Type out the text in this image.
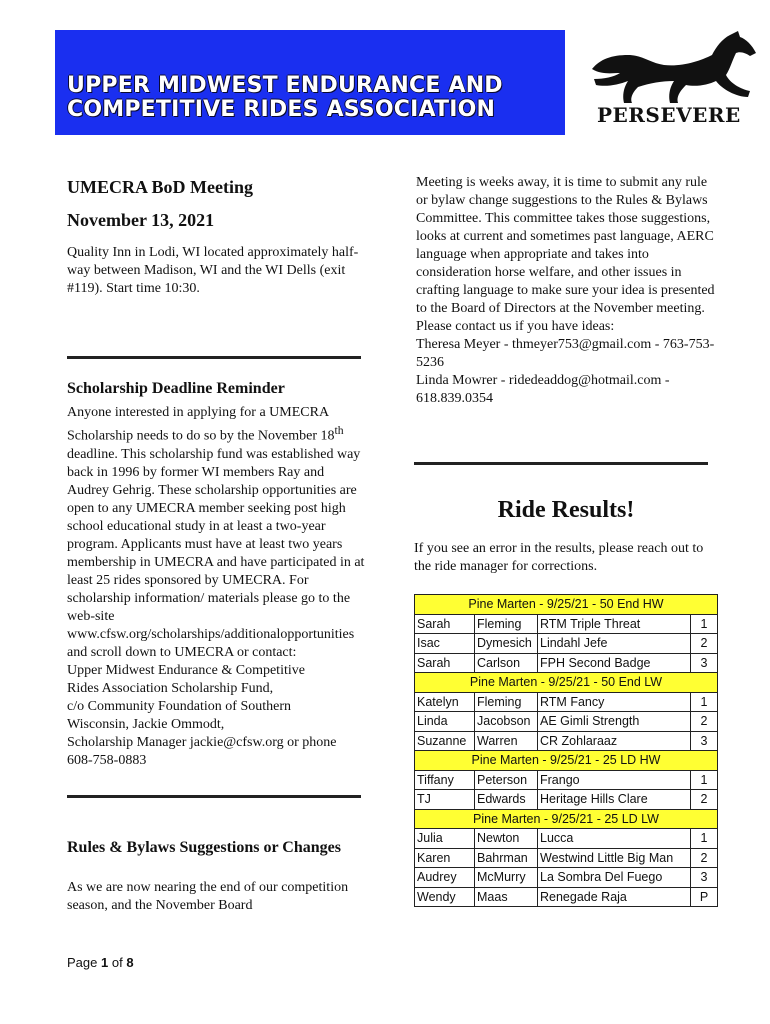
UPPER MIDWEST ENDURANCE AND
COMPETITIVE RIDES ASSOCIATION	PERSEVERE
UMECRA BoD Meeting
November 13, 2021

Quality Inn in Lodi, WI located approximately half-way between Madison, WI and the WI Dells (exit #119). Start time 10:30.

Scholarship Deadline Reminder

Anyone interested in applying for a UMECRA Scholarship needs to do so by the November 18th deadline. This scholarship fund was established way back in 1996 by former WI members Ray and Audrey Gehrig. These scholarship opportunities are open to any UMECRA member seeking post high school educational study in at least a two-year program. Applicants must have at least two years membership in UMECRA and have participated in at least 25 rides sponsored by UMECRA. For scholarship information/ materials please go to the web-site www.cfsw.org/scholarships/additionalopportunities and scroll down to UMECRA or contact:

Upper Midwest Endurance & Competitive
Rides Association Scholarship Fund,
c/o Community Foundation of Southern
Wisconsin, Jackie Ommodt,
Scholarship Manager jackie@cfsw.org or phone
608-758-0883

Rules & Bylaws Suggestions or Changes

As we are now nearing the end of our competition season, and the November Board

Meeting is weeks away, it is time to submit any rule or bylaw change suggestions to the Rules & Bylaws Committee. This committee takes those suggestions, looks at current and sometimes past language, AERC language when appropriate and takes into consideration horse welfare, and other issues in crafting language to make sure your idea is presented to the Board of Directors at the November meeting.

Please contact us if you have ideas:

Theresa Meyer - thmeyer753@gmail.com - 763-753-5236

Linda Mowrer - ridedeaddog@hotmail.com - 618.839.0354

Ride Results!

If you see an error in the results, please reach out to the ride manager for corrections.

Pine Marten - 9/25/21 - 50 End HW			
Sarah	Fleming	RTM Triple Threat	1
Isac	Dymesich	Lindahl Jefe	2
Sarah	Carlson	FPH Second Badge	3
Pine Marten - 9/25/21 - 50 End LW			
Katelyn	Fleming	RTM Fancy	1
Linda	Jacobson	AE Gimli Strength	2
Suzanne	Warren	CR Zohlaraaz	3
Pine Marten - 9/25/21 - 25 LD HW			
Tiffany	Peterson	Frango	1
TJ	Edwards	Heritage Hills Clare	2
Pine Marten - 9/25/21 - 25 LD LW			
Julia	Newton	Lucca	1
Karen	Bahrman	Westwind Little Big Man	2
Audrey	McMurry	La Sombra Del Fuego	3
Wendy	Maas	Renegade Raja	P
Page 1 of 8
